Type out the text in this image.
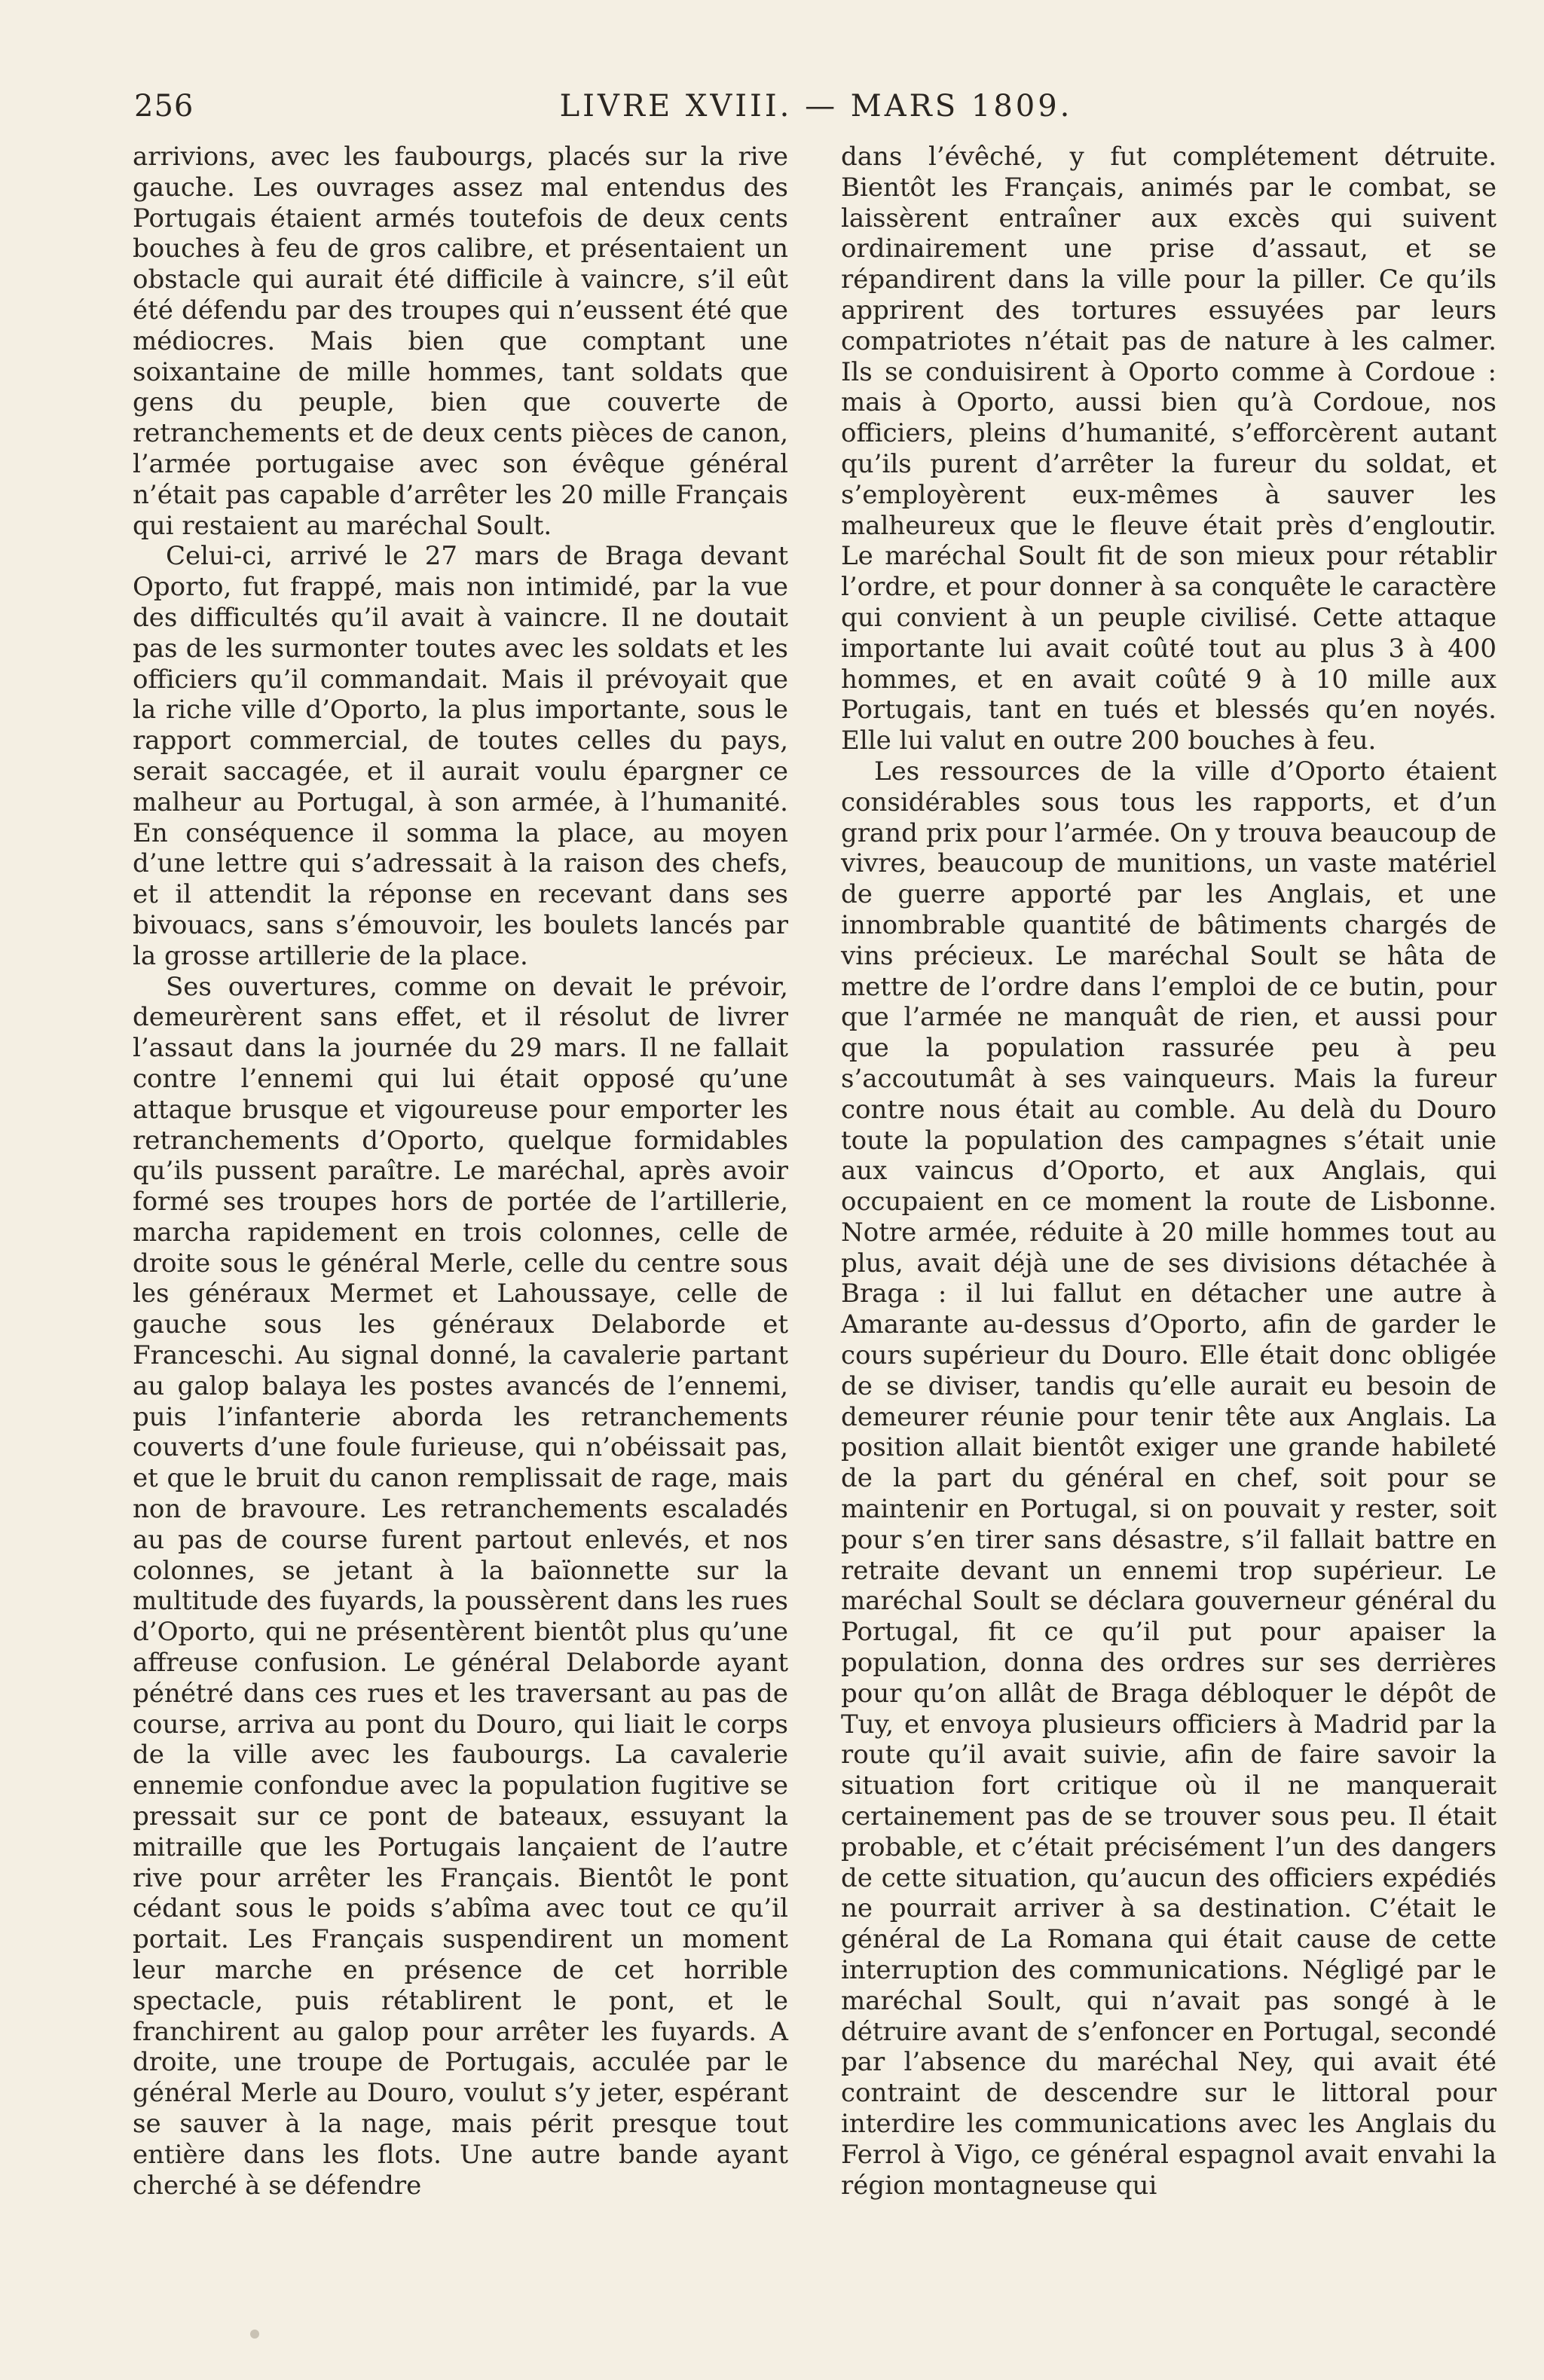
256	LIVRE XVIII. — MARS 1809.

arrivions, avec les faubourgs, placés sur la rive gauche. Les ouvrages assez mal entendus des Portugais étaient armés toutefois de deux cents bouches à feu de gros calibre, et présentaient un obstacle qui aurait été difficile à vaincre, s’il eût été défendu par des troupes qui n’eussent été que médiocres. Mais bien que comptant une soixantaine de mille hommes, tant soldats que gens du peuple, bien que couverte de retranchements et de deux cents pièces de canon, l’armée portugaise avec son évêque général n’était pas capable d’arrêter les 20 mille Français qui restaient au maréchal Soult.

Celui-ci, arrivé le 27 mars de Braga devant Oporto, fut frappé, mais non intimidé, par la vue des difficultés qu’il avait à vaincre. Il ne doutait pas de les surmonter toutes avec les soldats et les officiers qu’il commandait. Mais il prévoyait que la riche ville d’Oporto, la plus importante, sous le rapport commercial, de toutes celles du pays, serait saccagée, et il aurait voulu épargner ce malheur au Portugal, à son armée, à l’humanité. En conséquence il somma la place, au moyen d’une lettre qui s’adressait à la raison des chefs, et il attendit la réponse en recevant dans ses bivouacs, sans s’émouvoir, les boulets lancés par la grosse artillerie de la place.

Ses ouvertures, comme on devait le prévoir, demeurèrent sans effet, et il résolut de livrer l’assaut dans la journée du 29 mars. Il ne fallait contre l’ennemi qui lui était opposé qu’une attaque brusque et vigoureuse pour emporter les retranchements d’Oporto, quelque formidables qu’ils pussent paraître. Le maréchal, après avoir formé ses troupes hors de portée de l’artillerie, marcha rapidement en trois colonnes, celle de droite sous le général Merle, celle du centre sous les généraux Mermet et Lahoussaye, celle de gauche sous les généraux Delaborde et Franceschi. Au signal donné, la cavalerie partant au galop balaya les postes avancés de l’ennemi, puis l’infanterie aborda les retranchements couverts d’une foule furieuse, qui n’obéissait pas, et que le bruit du canon remplissait de rage, mais non de bravoure. Les retranchements escaladés au pas de course furent partout enlevés, et nos colonnes, se jetant à la baïonnette sur la multitude des fuyards, la poussèrent dans les rues d’Oporto, qui ne présentèrent bientôt plus qu’une affreuse confusion. Le général Delaborde ayant pénétré dans ces rues et les traversant au pas de course, arriva au pont du Douro, qui liait le corps de la ville avec les faubourgs. La cavalerie ennemie confondue avec la population fugitive se pressait sur ce pont de bateaux, essuyant la mitraille que les Portugais lançaient de l’autre rive pour arrêter les Français. Bientôt le pont cédant sous le poids s’abîma avec tout ce qu’il portait. Les Français suspendirent un moment leur marche en présence de cet horrible spectacle, puis rétablirent le pont, et le franchirent au galop pour arrêter les fuyards. A droite, une troupe de Portugais, acculée par le général Merle au Douro, voulut s’y jeter, espérant se sauver à la nage, mais périt presque tout entière dans les flots. Une autre bande ayant cherché à se défendre

dans l’évêché, y fut complétement détruite. Bientôt les Français, animés par le combat, se laissèrent entraîner aux excès qui suivent ordinairement une prise d’assaut, et se répandirent dans la ville pour la piller. Ce qu’ils apprirent des tortures essuyées par leurs compatriotes n’était pas de nature à les calmer. Ils se conduisirent à Oporto comme à Cordoue : mais à Oporto, aussi bien qu’à Cordoue, nos officiers, pleins d’humanité, s’efforcèrent autant qu’ils purent d’arrêter la fureur du soldat, et s’employèrent eux-mêmes à sauver les malheureux que le fleuve était près d’engloutir. Le maréchal Soult fit de son mieux pour rétablir l’ordre, et pour donner à sa conquête le caractère qui convient à un peuple civilisé. Cette attaque importante lui avait coûté tout au plus 3 à 400 hommes, et en avait coûté 9 à 10 mille aux Portugais, tant en tués et blessés qu’en noyés. Elle lui valut en outre 200 bouches à feu.

Les ressources de la ville d’Oporto étaient considérables sous tous les rapports, et d’un grand prix pour l’armée. On y trouva beaucoup de vivres, beaucoup de munitions, un vaste matériel de guerre apporté par les Anglais, et une innombrable quantité de bâtiments chargés de vins précieux. Le maréchal Soult se hâta de mettre de l’ordre dans l’emploi de ce butin, pour que l’armée ne manquât de rien, et aussi pour que la population rassurée peu à peu s’accoutumât à ses vainqueurs. Mais la fureur contre nous était au comble. Au delà du Douro toute la population des campagnes s’était unie aux vaincus d’Oporto, et aux Anglais, qui occupaient en ce moment la route de Lisbonne. Notre armée, réduite à 20 mille hommes tout au plus, avait déjà une de ses divisions détachée à Braga : il lui fallut en détacher une autre à Amarante au-dessus d’Oporto, afin de garder le cours supérieur du Douro. Elle était donc obligée de se diviser, tandis qu’elle aurait eu besoin de demeurer réunie pour tenir tête aux Anglais. La position allait bientôt exiger une grande habileté de la part du général en chef, soit pour se maintenir en Portugal, si on pouvait y rester, soit pour s’en tirer sans désastre, s’il fallait battre en retraite devant un ennemi trop supérieur. Le maréchal Soult se déclara gouverneur général du Portugal, fit ce qu’il put pour apaiser la population, donna des ordres sur ses derrières pour qu’on allât de Braga débloquer le dépôt de Tuy, et envoya plusieurs officiers à Madrid par la route qu’il avait suivie, afin de faire savoir la situation fort critique où il ne manquerait certainement pas de se trouver sous peu. Il était probable, et c’était précisément l’un des dangers de cette situation, qu’aucun des officiers expédiés ne pourrait arriver à sa destination. C’était le général de La Romana qui était cause de cette interruption des communications. Négligé par le maréchal Soult, qui n’avait pas songé à le détruire avant de s’enfoncer en Portugal, secondé par l’absence du maréchal Ney, qui avait été contraint de descendre sur le littoral pour interdire les communications avec les Anglais du Ferrol à Vigo, ce général espagnol avait envahi la région montagneuse qui
